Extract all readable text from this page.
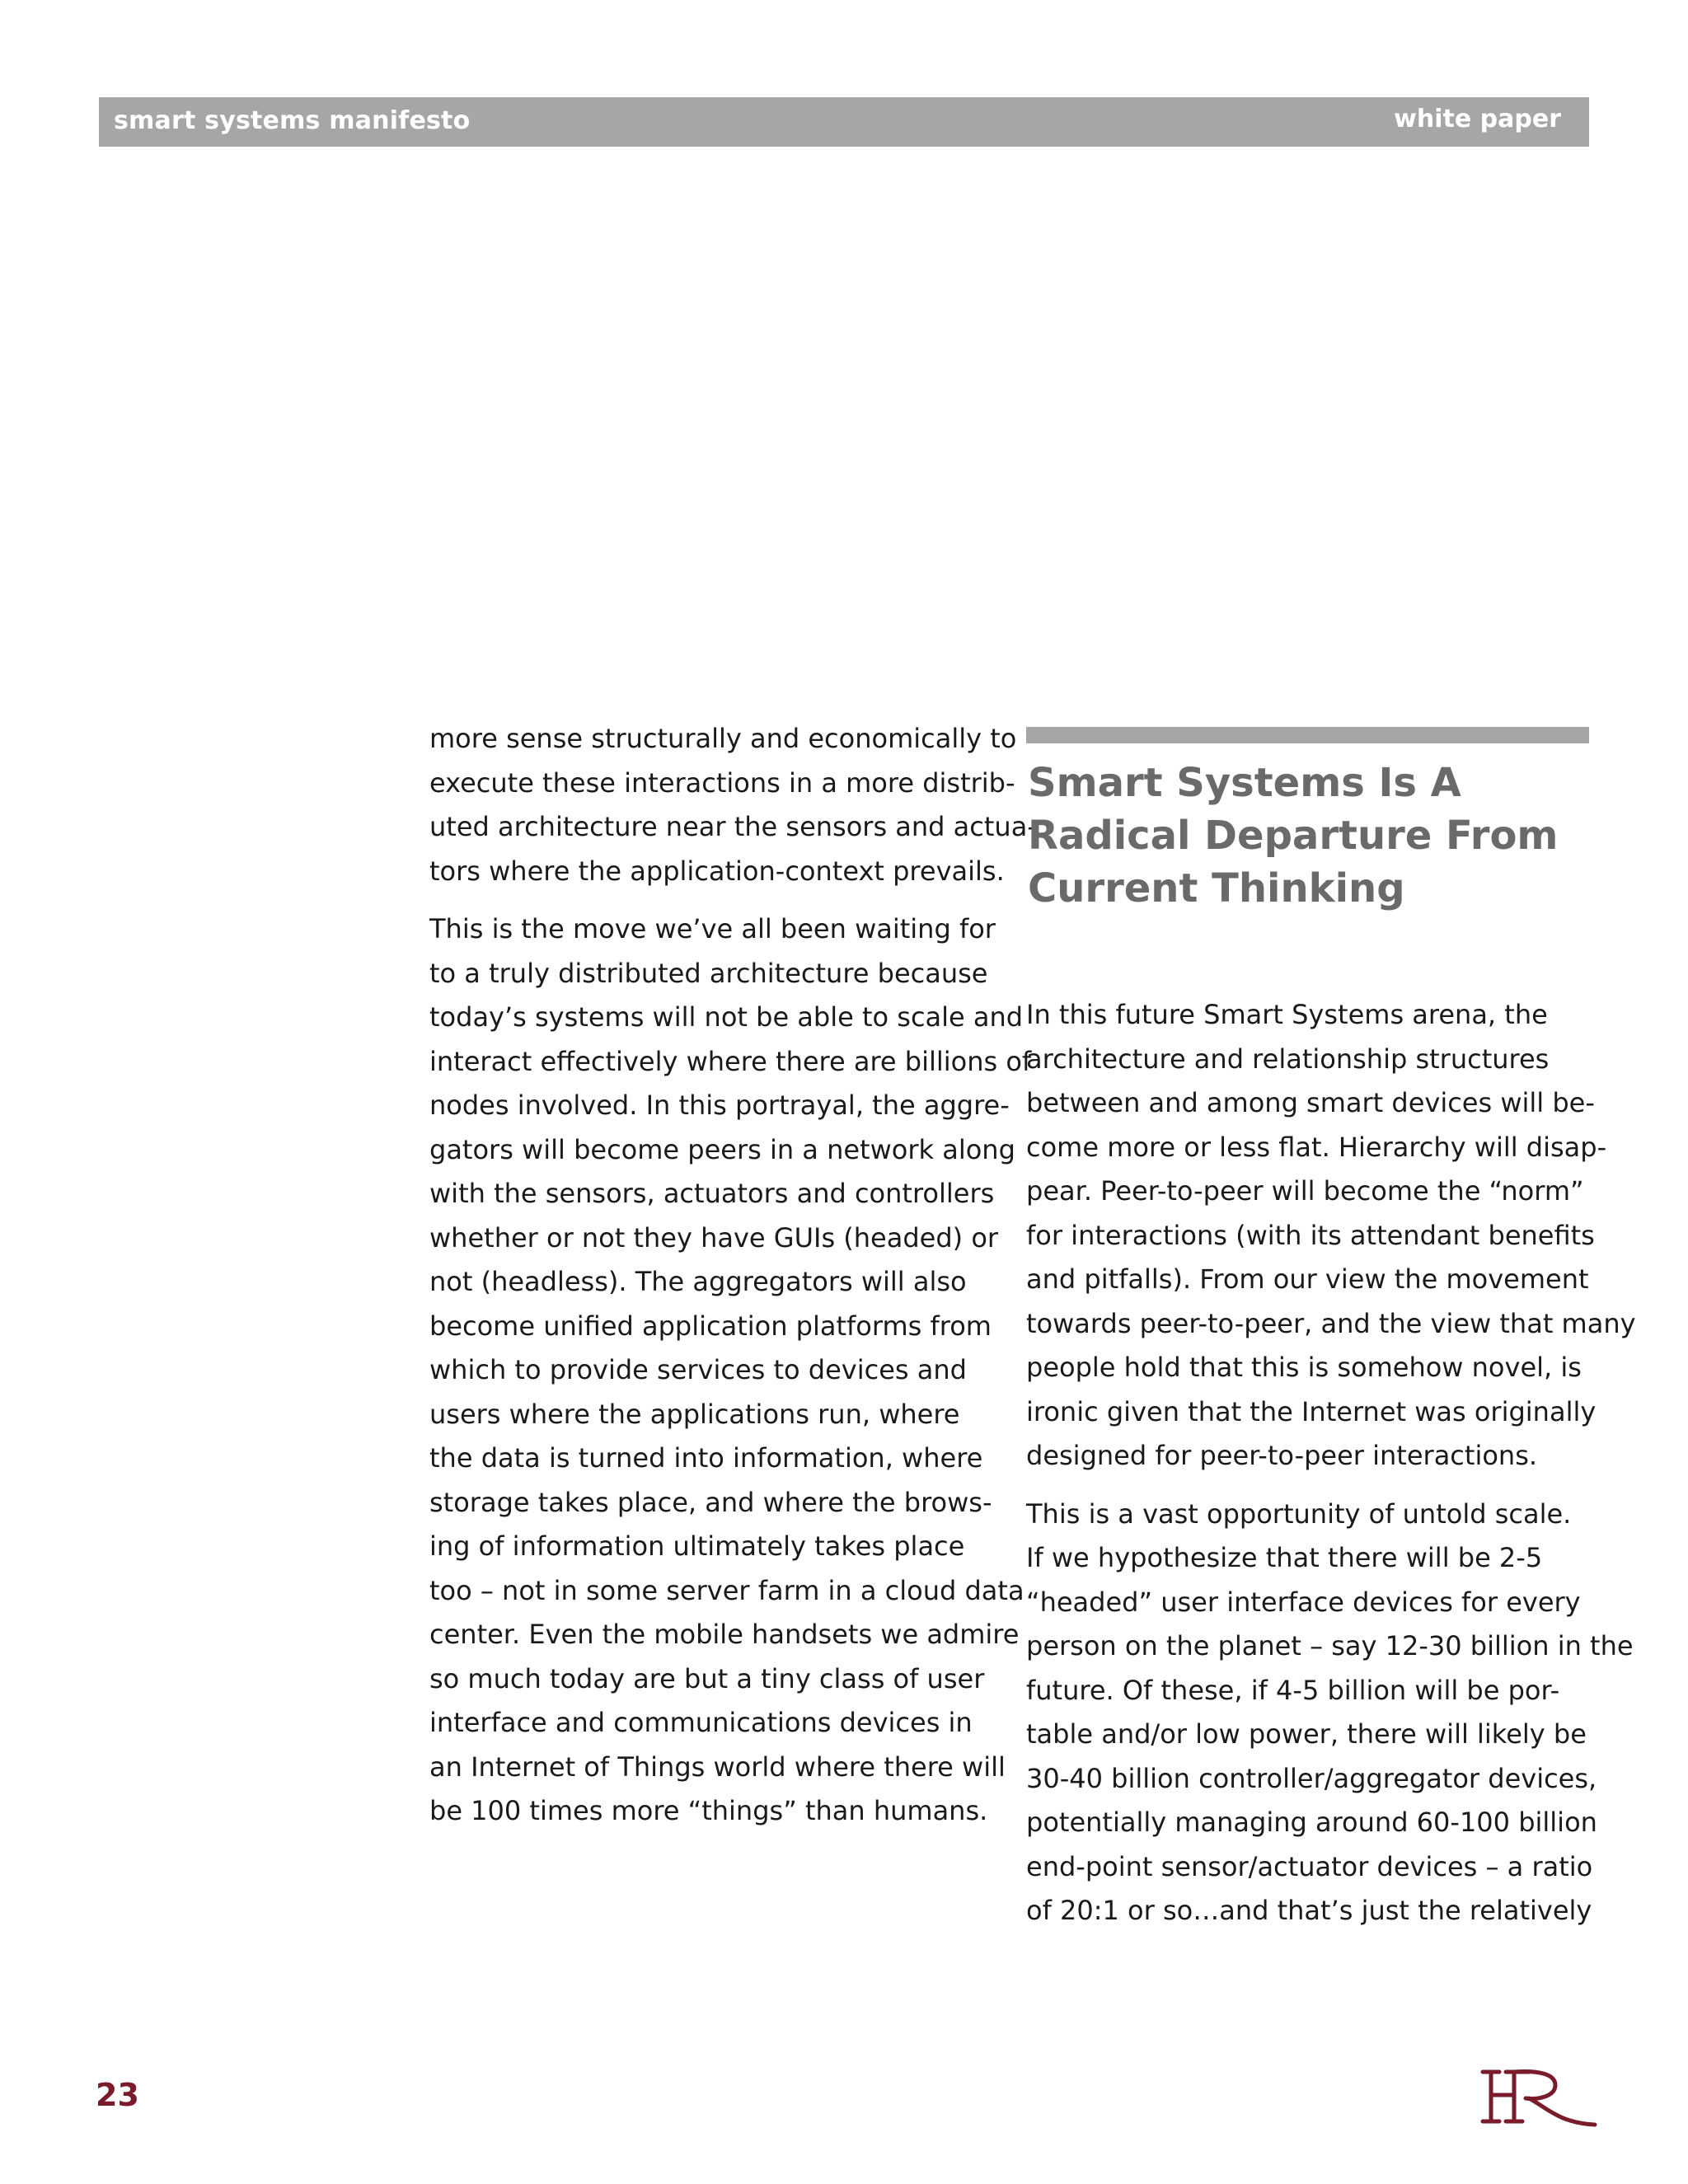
smart systems manifesto	white paper

more sense structurally and economically to
execute these interactions in a more distrib-
uted architecture near the sensors and actua-
tors where the application-context prevails.

This is the move we’ve all been waiting for
to a truly distributed architecture because
today’s systems will not be able to scale and
interact effectively where there are billions of
nodes involved. In this portrayal, the aggre-
gators will become peers in a network along
with the sensors, actuators and controllers
whether or not they have GUIs (headed) or
not (headless). The aggregators will also
become unified application platforms from
which to provide services to devices and
users where the applications run, where
the data is turned into information, where
storage takes place, and where the brows-
ing of information ultimately takes place
too – not in some server farm in a cloud data
center. Even the mobile handsets we admire
so much today are but a tiny class of user
interface and communications devices in
an Internet of Things world where there will
be 100 times more “things” than humans.

Smart Systems Is A Radical Departure From Current Thinking

In this future Smart Systems arena, the
architecture and relationship structures
between and among smart devices will be-
come more or less flat. Hierarchy will disap-
pear. Peer-to-peer will become the “norm”
for interactions (with its attendant benefits
and pitfalls). From our view the movement
towards peer-to-peer, and the view that many
people hold that this is somehow novel, is
ironic given that the Internet was originally
designed for peer-to-peer interactions.

This is a vast opportunity of untold scale.
If we hypothesize that there will be 2-5
“headed” user interface devices for every
person on the planet – say 12-30 billion in the
future. Of these, if 4-5 billion will be por-
table and/or low power, there will likely be
30-40 billion controller/aggregator devices,
potentially managing around 60-100 billion
end-point sensor/actuator devices – a ratio
of 20:1 or so…and that’s just the relatively

23
